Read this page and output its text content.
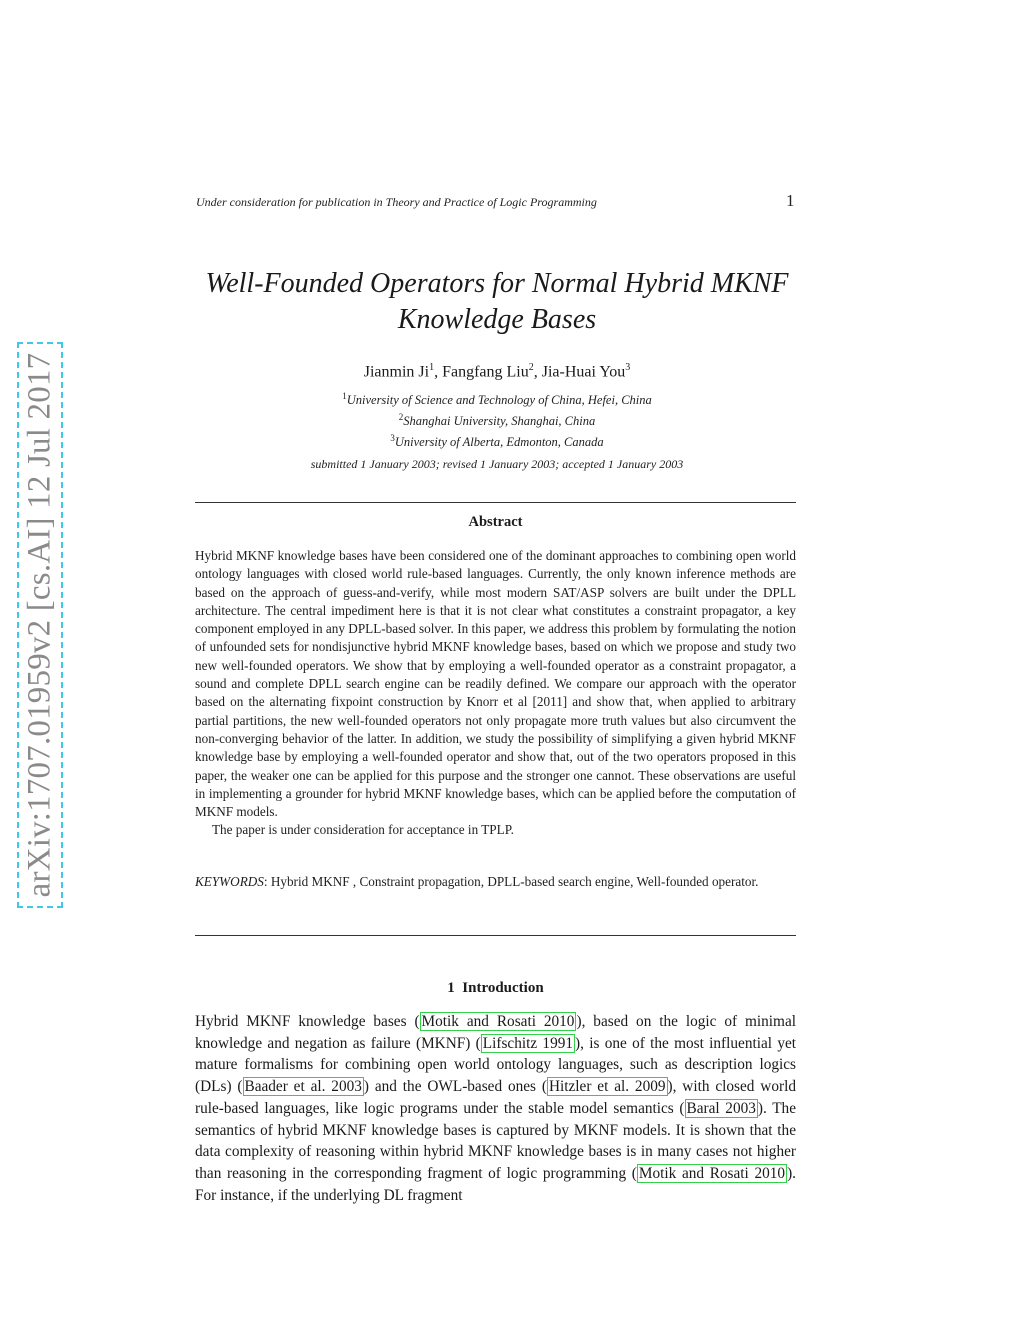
arXiv:1707.01959v2 [cs.AI] 12 Jul 2017
Under consideration for publication in Theory and Practice of Logic Programming	1
Well-Founded Operators for Normal Hybrid MKNF
Knowledge Bases
Jianmin Ji$^1$, Fangfang Liu$^2$, Jia-Huai You$^3$
$^1$University of Science and Technology of China, Hefei, China
$^2$Shanghai University, Shanghai, China
$^3$University of Alberta, Edmonton, Canada
submitted 1 January 2003; revised 1 January 2003; accepted 1 January 2003
Abstract
Hybrid MKNF knowledge bases have been considered one of the dominant approaches to combining open world ontology languages with closed world rule-based languages. Currently, the only known inference methods are based on the approach of guess-and-verify, while most modern SAT/ASP solvers are built under the DPLL architecture. The central impediment here is that it is not clear what constitutes a constraint propagator, a key component employed in any DPLL-based solver. In this paper, we address this problem by formulating the notion of unfounded sets for nondisjunctive hybrid MKNF knowledge bases, based on which we propose and study two new well-founded operators. We show that by employing a well-founded operator as a constraint propagator, a sound and complete DPLL search engine can be readily defined. We compare our approach with the operator based on the alternating fixpoint construction by Knorr et al [2011] and show that, when applied to arbitrary partial partitions, the new well-founded operators not only propagate more truth values but also circumvent the non-converging behavior of the latter. In addition, we study the possibility of simplifying a given hybrid MKNF knowledge base by employing a well-founded operator and show that, out of the two operators proposed in this paper, the weaker one can be applied for this purpose and the stronger one cannot. These observations are useful in implementing a grounder for hybrid MKNF knowledge bases, which can be applied before the computation of MKNF models.
The paper is under consideration for acceptance in TPLP.
KEYWORDS: Hybrid MKNF , Constraint propagation, DPLL-based search engine, Well-founded operator.
1 Introduction
Hybrid MKNF knowledge bases ( Motik and Rosati 2010 ), based on the logic of minimal knowledge and negation as failure (MKNF) ( Lifschitz 1991 ), is one of the most influential yet mature formalisms for combining open world ontology languages, such as description logics (DLs) ( Baader et al. 2003 ) and the OWL-based ones ( Hitzler et al. 2009 ), with closed world rule-based languages, like logic programs under the stable model semantics ( Baral 2003 ). The semantics of hybrid MKNF knowledge bases is captured by MKNF models. It is shown that the data complexity of reasoning within hybrid MKNF knowledge bases is in many cases not higher than reasoning in the corresponding fragment of logic programming ( Motik and Rosati 2010 ). For instance, if the underlying DL fragment
